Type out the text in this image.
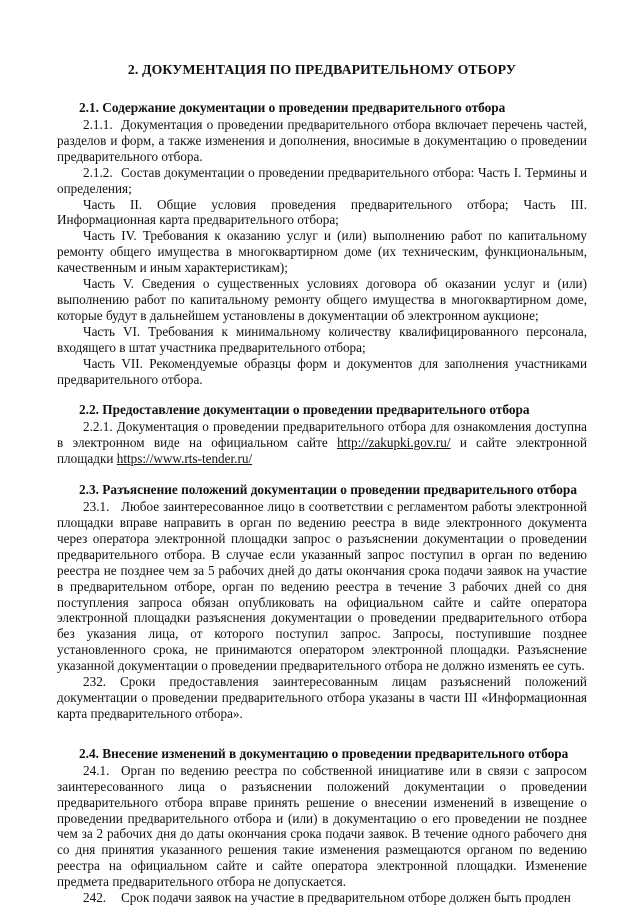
2. ДОКУМЕНТАЦИЯ ПО ПРЕДВАРИТЕЛЬНОМУ ОТБОРУ

2.1. Содержание документации о проведении предварительного отбора

2.1.1. Документация о проведении предварительного отбора включает перечень частей, разделов и форм, а также изменения и дополнения, вносимые в документацию о проведении предварительного отбора.

2.1.2. Состав документации о проведении предварительного отбора: Часть I. Термины и определения;

Часть II. Общие условия проведения предварительного отбора; Часть III. Информационная карта предварительного отбора;

Часть IV. Требования к оказанию услуг и (или) выполнению работ по капитальному ремонту общего имущества в многоквартирном доме (их техническим, функциональным, качественным и иным характеристикам);

Часть V. Сведения о существенных условиях договора об оказании услуг и (или) выполнению работ по капитальному ремонту общего имущества в многоквартирном доме, которые будут в дальнейшем установлены в документации об электронном аукционе;

Часть VI. Требования к минимальному количеству квалифицированного персонала, входящего в штат участника предварительного отбора;

Часть VII. Рекомендуемые образцы форм и документов для заполнения участниками предварительного отбора.

2.2. Предоставление документации о проведении предварительного отбора

2.2.1. Документация о проведении предварительного отбора для ознакомления доступна в электронном виде на официальном сайте http://zakupki.gov.ru/ и сайте электронной площадки https://www.rts-tender.ru/

2.3. Разъяснение положений документации о проведении предварительного отбора

23.1. Любое заинтересованное лицо в соответствии с регламентом работы электронной площадки вправе направить в орган по ведению реестра в виде электронного документа через оператора электронной площадки запрос о разъяснении документации о проведении предварительного отбора. В случае если указанный запрос поступил в орган по ведению реестра не позднее чем за 5 рабочих дней до даты окончания срока подачи заявок на участие в предварительном отборе, орган по ведению реестра в течение 3 рабочих дней со дня поступления запроса обязан опубликовать на официальном сайте и сайте оператора электронной площадки разъяснения документации о проведении предварительного отбора без указания лица, от которого поступил запрос. Запросы, поступившие позднее установленного срока, не принимаются оператором электронной площадки. Разъяснение указанной документации о проведении предварительного отбора не должно изменять ее суть.

232. Сроки предоставления заинтересованным лицам разъяснений положений документации о проведении предварительного отбора указаны в части III «Информационная карта предварительного отбора».

2.4. Внесение изменений в документацию о проведении предварительного отбора

24.1. Орган по ведению реестра по собственной инициативе или в связи с запросом заинтересованного лица о разъяснении положений документации о проведении предварительного отбора вправе принять решение о внесении изменений в извещение о проведении предварительного отбора и (или) в документацию о его проведении не позднее чем за 2 рабочих дня до даты окончания срока подачи заявок. В течение одного рабочего дня со дня принятия указанного решения такие изменения размещаются органом по ведению реестра на официальном сайте и сайте оператора электронной площадки. Изменение предмета предварительного отбора не допускается.

242. Срок подачи заявок на участие в предварительном отборе должен быть продлен
